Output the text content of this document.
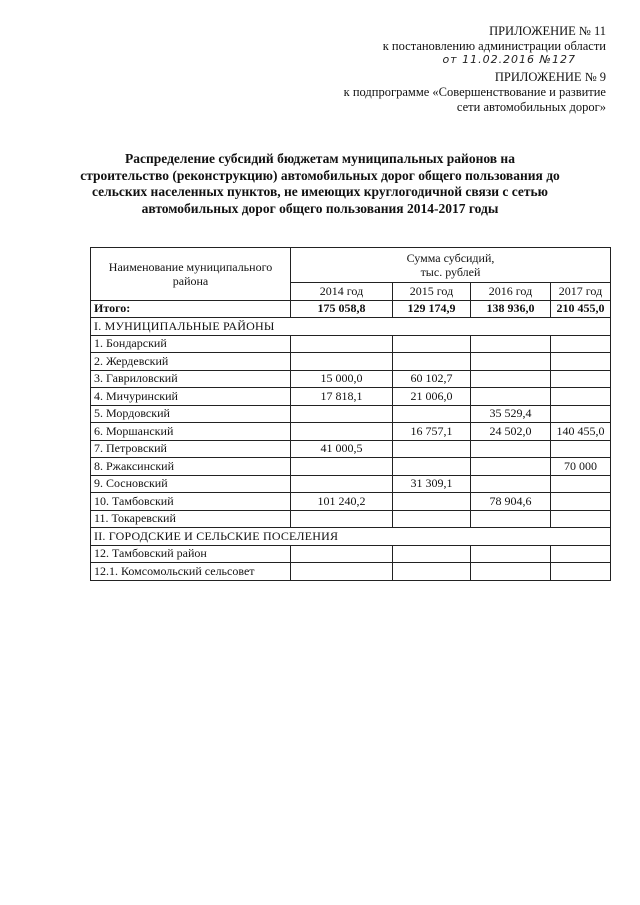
ПРИЛОЖЕНИЕ № 11
к постановлению администрации области
от 11.02.2016 №127
ПРИЛОЖЕНИЕ № 9
к подпрограмме «Совершенствование и развитие
сети автомобильных дорог»
Распределение субсидий бюджетам муниципальных районов на строительство (реконструкцию) автомобильных дорог общего пользования до сельских населенных пунктов, не имеющих круглогодичной связи с сетью автомобильных дорог общего пользования 2014-2017 годы
Наименование муниципального района	Сумма субсидий,
тыс. рублей			

	2014 год	2015 год	2016 год	2017 год
Итого:	175 058,8	129 174,9	138 936,0	210 455,0
I. МУНИЦИПАЛЬНЫЕ РАЙОНЫ				
1. Бондарский				
2. Жердевский				
3. Гавриловский	15 000,0	60 102,7		
4. Мичуринский	17 818,1	21 006,0		
5. Мордовский			35 529,4	
6. Моршанский		16 757,1	24 502,0	140 455,0
7. Петровский	41 000,5			
8. Ржаксинский				70 000
9. Сосновский		31 309,1		
10. Тамбовский	101 240,2		78 904,6	
11. Токаревский				
II. ГОРОДСКИЕ И СЕЛЬСКИЕ ПОСЕЛЕНИЯ				
12. Тамбовский район				
12.1. Комсомольский сельсовет				
